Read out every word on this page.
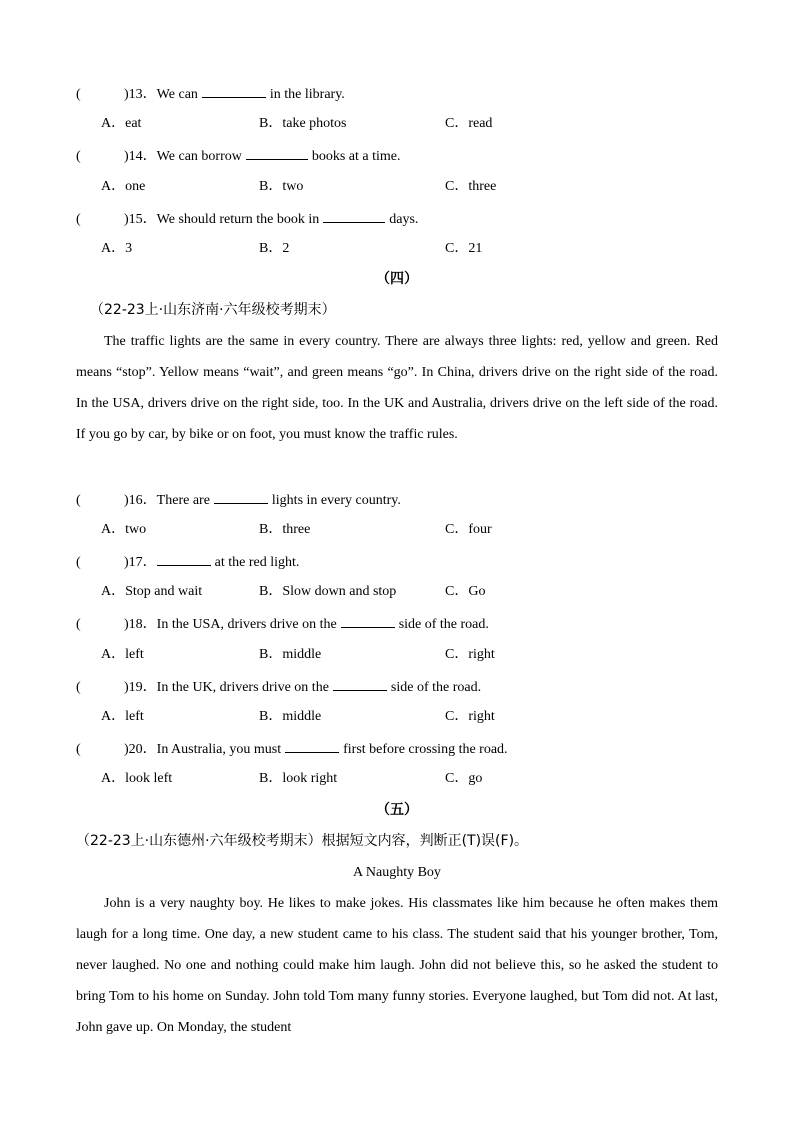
(	)13．We can	in the library.
A．eat	B．take photos	C．read
(	)14．We can borrow	books at a time.
A．one	B．two	C．three
(	)15．We should return the book in	days.
A．3	B．2	C．21
（四）
（22-23上·山东济南·六年级校考期末）
The traffic lights are the same in every country. There are always three lights: red, yellow and green. Red means “stop”. Yellow means “wait”, and green means “go”. In China, drivers drive on the right side of the road. In the USA, drivers drive on the right side, too. In the UK and Australia, drivers drive on the left side of the road. If you go by car, by bike or on foot, you must know the traffic rules.
(	)16．There are	lights in every country.
A．two	B．three	C．four
(	)17．	at the red light.
A．Stop and wait	B．Slow down and stop	C．Go
(	)18．In the USA, drivers drive on the	side of the road.
A．left	B．middle	C．right
(	)19．In the UK, drivers drive on the	side of the road.
A．left	B．middle	C．right
(	)20．In Australia, you must	first before crossing the road.
A．look left	B．look right	C．go
（五）
（22-23上·山东德州·六年级校考期末）根据短文内容，判断正(T)误(F)。
A Naughty Boy
John is a very naughty boy. He likes to make jokes. His classmates like him because he often makes them laugh for a long time. One day, a new student came to his class. The student said that his younger brother, Tom, never laughed. No one and nothing could make him laugh. John did not believe this, so he asked the student to bring Tom to his home on Sunday. John told Tom many funny stories. Everyone laughed, but Tom did not. At last, John gave up. On Monday, the student
